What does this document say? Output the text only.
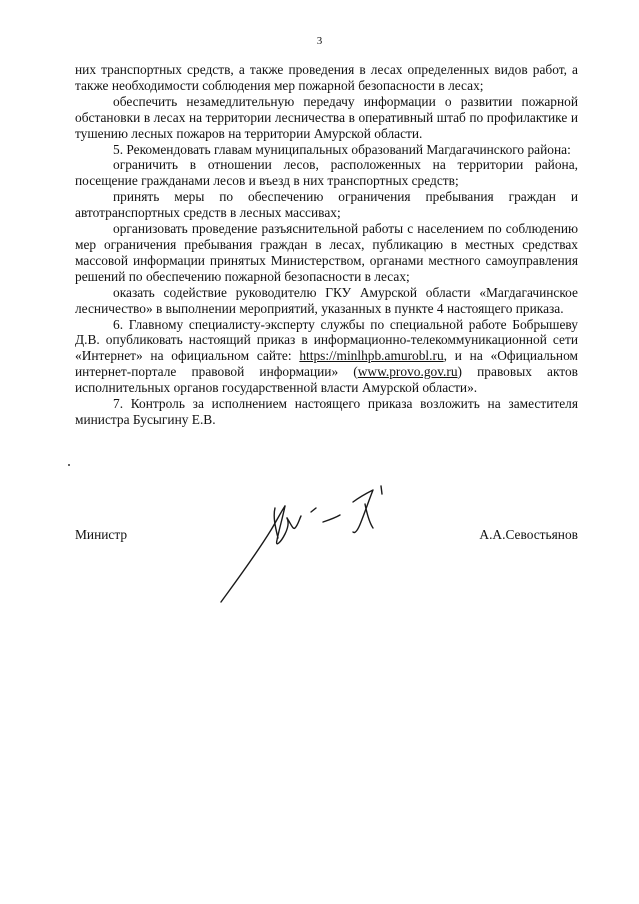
3

них транспортных средств, а также проведения в лесах определенных видов работ, а также необходимости соблюдения мер пожарной безопасности в лесах;

обеспечить незамедлительную передачу информации о развитии пожарной обстановки в лесах на территории лесничества в оперативный штаб по профилактике и тушению лесных пожаров на территории Амурской области.

5. Рекомендовать главам муниципальных образований Магдагачинского района:

ограничить в отношении лесов, расположенных на территории района, посещение гражданами лесов и въезд в них транспортных средств;

принять меры по обеспечению ограничения пребывания граждан и автотранспортных средств в лесных массивах;

организовать проведение разъяснительной работы с населением по соблюдению мер ограничения пребывания граждан в лесах, публикацию в местных средствах массовой информации принятых Министерством, органами местного самоуправления решений по обеспечению пожарной безопасности в лесах;

оказать содействие руководителю ГКУ Амурской области «Магдагачинское лесничество» в выполнении мероприятий, указанных в пункте 4 настоящего приказа.

6. Главному специалисту-эксперту службы по специальной работе Бобрышеву Д.В. опубликовать настоящий приказ в информационно-телекоммуникационной сети «Интернет» на официальном сайте: https://minlhpb.amurobl.ru, и на «Официальном интернет-портале правовой информации» (www.provo.gov.ru) правовых актов исполнительных органов государственной власти Амурской области».

7. Контроль за исполнением настоящего приказа возложить на заместителя министра Бусыгину Е.В.

Министр	А.А.Севостьянов
